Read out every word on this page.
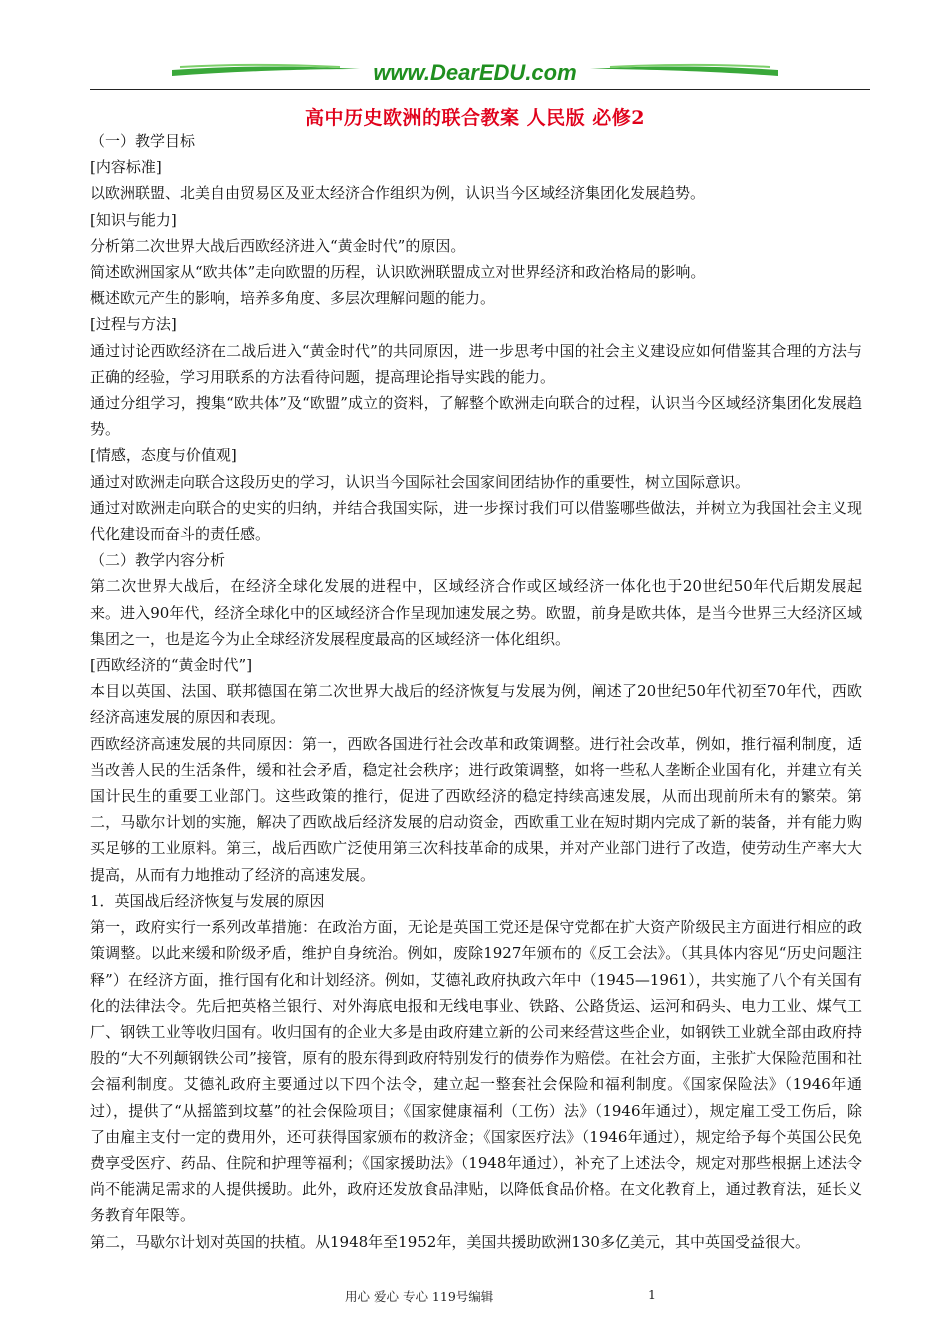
www.DearEDU.com
高中历史欧洲的联合教案 人民版 必修2

（一）教学目标

[内容标准]

以欧洲联盟、北美自由贸易区及亚太经济合作组织为例，认识当今区域经济集团化发展趋势。

[知识与能力]

分析第二次世界大战后西欧经济进入“黄金时代”的原因。

简述欧洲国家从“欧共体”走向欧盟的历程，认识欧洲联盟成立对世界经济和政治格局的影响。

概述欧元产生的影响，培养多角度、多层次理解问题的能力。

[过程与方法]

通过讨论西欧经济在二战后进入“黄金时代”的共同原因，进一步思考中国的社会主义建设应如何借鉴其合理的方法与正确的经验，学习用联系的方法看待问题，提高理论指导实践的能力。

通过分组学习，搜集“欧共体”及“欧盟”成立的资料，了解整个欧洲走向联合的过程，认识当今区域经济集团化发展趋势。

[情感，态度与价值观]

通过对欧洲走向联合这段历史的学习，认识当今国际社会国家间团结协作的重要性，树立国际意识。

通过对欧洲走向联合的史实的归纳，并结合我国实际，进一步探讨我们可以借鉴哪些做法，并树立为我国社会主义现代化建设而奋斗的责任感。

（二）教学内容分析

第二次世界大战后，在经济全球化发展的进程中，区域经济合作或区域经济一体化也于20世纪50年代后期发展起来。进入90年代，经济全球化中的区域经济合作呈现加速发展之势。欧盟，前身是欧共体，是当今世界三大经济区域集团之一，也是迄今为止全球经济发展程度最高的区域经济一体化组织。

[西欧经济的“黄金时代”]

本目以英国、法国、联邦德国在第二次世界大战后的经济恢复与发展为例，阐述了20世纪50年代初至70年代，西欧经济高速发展的原因和表现。

西欧经济高速发展的共同原因：第一，西欧各国进行社会改革和政策调整。进行社会改革，例如，推行福利制度，适当改善人民的生活条件，缓和社会矛盾，稳定社会秩序；进行政策调整，如将一些私人垄断企业国有化，并建立有关国计民生的重要工业部门。这些政策的推行，促进了西欧经济的稳定持续高速发展，从而出现前所未有的繁荣。第二，马歇尔计划的实施，解决了西欧战后经济发展的启动资金，西欧重工业在短时期内完成了新的装备，并有能力购买足够的工业原料。第三，战后西欧广泛使用第三次科技革命的成果，并对产业部门进行了改造，使劳动生产率大大提高，从而有力地推动了经济的高速发展。

1．英国战后经济恢复与发展的原因

第一，政府实行一系列改革措施：在政治方面，无论是英国工党还是保守党都在扩大资产阶级民主方面进行相应的政策调整。以此来缓和阶级矛盾，维护自身统治。例如，废除1927年颁布的《反工会法》。（其具体内容见“历史问题注释”）在经济方面，推行国有化和计划经济。例如，艾德礼政府执政六年中（1945—1961），共实施了八个有关国有化的法律法令。先后把英格兰银行、对外海底电报和无线电事业、铁路、公路货运、运河和码头、电力工业、煤气工厂、钢铁工业等收归国有。收归国有的企业大多是由政府建立新的公司来经营这些企业，如钢铁工业就全部由政府持股的“大不列颠钢铁公司”接管，原有的股东得到政府特别发行的债券作为赔偿。在社会方面，主张扩大保险范围和社会福利制度。艾德礼政府主要通过以下四个法令，建立起一整套社会保险和福利制度。《国家保险法》（1946年通过），提供了“从摇篮到坟墓”的社会保险项目；《国家健康福利（工伤）法》（1946年通过），规定雇工受工伤后，除了由雇主支付一定的费用外，还可获得国家颁布的救济金；《国家医疗法》（1946年通过），规定给予每个英国公民免费享受医疗、药品、住院和护理等福利；《国家援助法》（1948年通过），补充了上述法令，规定对那些根据上述法令尚不能满足需求的人提供援助。此外，政府还发放食品津贴，以降低食品价格。在文化教育上，通过教育法，延长义务教育年限等。

第二，马歇尔计划对英国的扶植。从1948年至1952年，美国共援助欧洲130多亿美元，其中英国受益很大。

用心 爱心 专心 119号编辑	1
